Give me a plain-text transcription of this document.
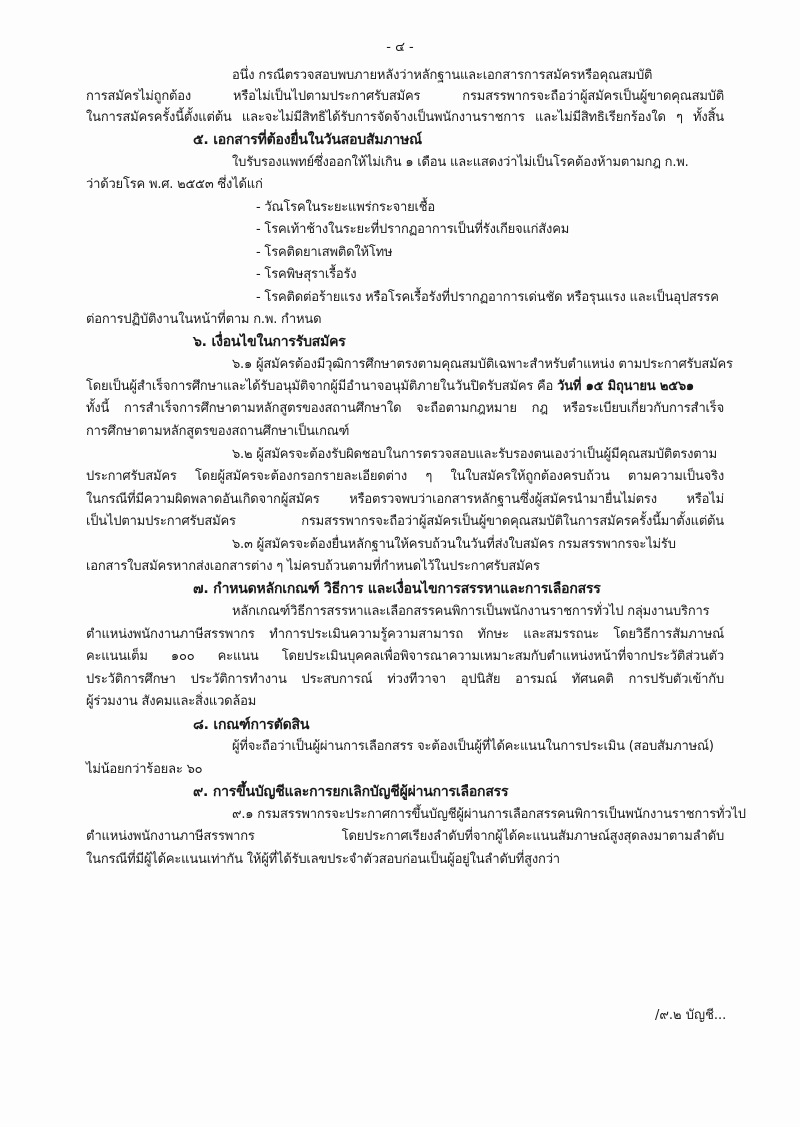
- ๔ -
อนึ่ง กรณีตรวจสอบพบภายหลังว่าหลักฐานและเอกสารการสมัครหรือคุณสมบัติ
การสมัครไม่ถูกต้อง หรือไม่เป็นไปตามประกาศรับสมัคร กรมสรรพากรจะถือว่าผู้สมัครเป็นผู้ขาดคุณสมบัติ
ในการสมัครครั้งนี้ตั้งแต่ต้น และจะไม่มีสิทธิได้รับการจัดจ้างเป็นพนักงานราชการ และไม่มีสิทธิเรียกร้องใด ๆ ทั้งสิ้น
๕. เอกสารที่ต้องยื่นในวันสอบสัมภาษณ์
ใบรับรองแพทย์ซึ่งออกให้ไม่เกิน ๑ เดือน และแสดงว่าไม่เป็นโรคต้องห้ามตามกฎ ก.พ.
ว่าด้วยโรค พ.ศ. ๒๕๕๓ ซึ่งได้แก่
- วัณโรคในระยะแพร่กระจายเชื้อ
- โรคเท้าช้างในระยะที่ปรากฏอาการเป็นที่รังเกียจแก่สังคม
- โรคติดยาเสพติดให้โทษ
- โรคพิษสุราเรื้อรัง
- โรคติดต่อร้ายแรง หรือโรคเรื้อรังที่ปรากฏอาการเด่นชัด หรือรุนแรง และเป็นอุปสรรค
ต่อการปฏิบัติงานในหน้าที่ตาม ก.พ. กำหนด
๖. เงื่อนไขในการรับสมัคร
๖.๑ ผู้สมัครต้องมีวุฒิการศึกษาตรงตามคุณสมบัติเฉพาะสำหรับตำแหน่ง ตามประกาศรับสมัคร
โดยเป็นผู้สำเร็จการศึกษาและได้รับอนุมัติจากผู้มีอำนาจอนุมัติภายในวันปิดรับสมัคร คือ วันที่ ๑๕ มิถุนายน ๒๕๖๑
ทั้งนี้ การสำเร็จการศึกษาตามหลักสูตรของสถานศึกษาใด จะถือตามกฎหมาย กฎ หรือระเบียบเกี่ยวกับการสำเร็จ
การศึกษาตามหลักสูตรของสถานศึกษาเป็นเกณฑ์
๖.๒ ผู้สมัครจะต้องรับผิดชอบในการตรวจสอบและรับรองตนเองว่าเป็นผู้มีคุณสมบัติตรงตาม
ประกาศรับสมัคร โดยผู้สมัครจะต้องกรอกรายละเอียดต่าง ๆ ในใบสมัครให้ถูกต้องครบถ้วน ตามความเป็นจริง
ในกรณีที่มีความผิดพลาดอันเกิดจากผู้สมัคร หรือตรวจพบว่าเอกสารหลักฐานซึ่งผู้สมัครนำมายื่นไม่ตรง หรือไม่
เป็นไปตามประกาศรับสมัคร กรมสรรพากรจะถือว่าผู้สมัครเป็นผู้ขาดคุณสมบัติในการสมัครครั้งนี้มาตั้งแต่ต้น
๖.๓ ผู้สมัครจะต้องยื่นหลักฐานให้ครบถ้วนในวันที่ส่งใบสมัคร กรมสรรพากรจะไม่รับ
เอกสารใบสมัครหากส่งเอกสารต่าง ๆ ไม่ครบถ้วนตามที่กำหนดไว้ในประกาศรับสมัคร
๗. กำหนดหลักเกณฑ์ วิธีการ และเงื่อนไขการสรรหาและการเลือกสรร
หลักเกณฑ์วิธีการสรรหาและเลือกสรรคนพิการเป็นพนักงานราชการทั่วไป กลุ่มงานบริการ
ตำแหน่งพนักงานภาษีสรรพากร ทำการประเมินความรู้ความสามารถ ทักษะ และสมรรถนะ โดยวิธีการสัมภาษณ์
คะแนนเต็ม ๑๐๐ คะแนน โดยประเมินบุคคลเพื่อพิจารณาความเหมาะสมกับตำแหน่งหน้าที่จากประวัติส่วนตัว
ประวัติการศึกษา ประวัติการทำงาน ประสบการณ์ ท่วงทีวาจา อุปนิสัย อารมณ์ ทัศนคติ การปรับตัวเข้ากับ
ผู้ร่วมงาน สังคมและสิ่งแวดล้อม
๘. เกณฑ์การตัดสิน
ผู้ที่จะถือว่าเป็นผู้ผ่านการเลือกสรร จะต้องเป็นผู้ที่ได้คะแนนในการประเมิน (สอบสัมภาษณ์)
ไม่น้อยกว่าร้อยละ ๖๐
๙. การขึ้นบัญชีและการยกเลิกบัญชีผู้ผ่านการเลือกสรร
๙.๑ กรมสรรพากรจะประกาศการขึ้นบัญชีผู้ผ่านการเลือกสรรคนพิการเป็นพนักงานราชการทั่วไป
ตำแหน่งพนักงานภาษีสรรพากร โดยประกาศเรียงลำดับที่จากผู้ได้คะแนนสัมภาษณ์สูงสุดลงมาตามลำดับ
ในกรณีที่มีผู้ได้คะแนนเท่ากัน ให้ผู้ที่ได้รับเลขประจำตัวสอบก่อนเป็นผู้อยู่ในลำดับที่สูงกว่า
/๙.๒ บัญชี...
